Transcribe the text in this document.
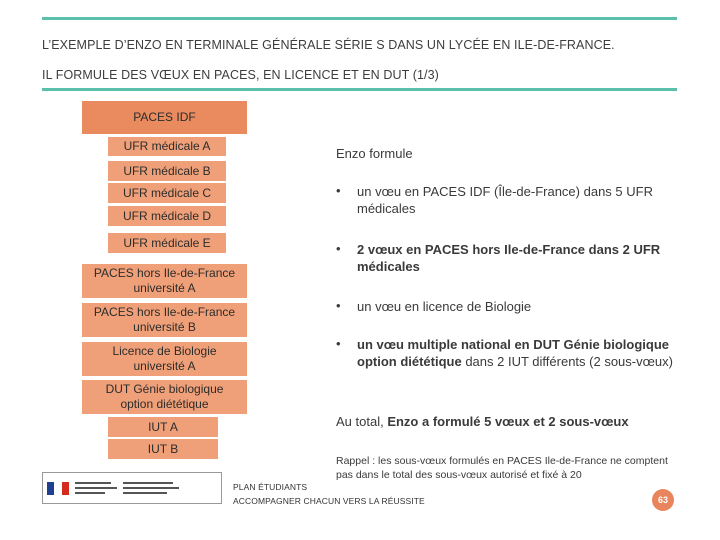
L’EXEMPLE D’ENZO EN TERMINALE GÉNÉRALE SÉRIE S DANS UN LYCÉE EN ILE-DE-FRANCE.
IL FORMULE DES VŒUX EN PACES, EN LICENCE ET EN DUT (1/3)
PACES IDF
UFR médicale A
UFR médicale B
UFR médicale C
UFR médicale D
UFR médicale E
PACES hors Ile-de-France
université A
PACES hors Ile-de-France
université B
Licence de Biologie
université A
DUT Génie biologique
option diététique
IUT A
IUT B
Enzo formule
• un vœu en PACES IDF (Île-de-France) dans 5 UFR médicales
• 2 vœux en PACES hors Ile-de-France dans 2 UFR médicales
• un vœu en licence de Biologie
• un vœu multiple national en DUT Génie biologique option diététique dans 2 IUT différents (2 sous-vœux)
Au total, Enzo a formulé 5 vœux et 2 sous-vœux
Rappel : les sous-vœux formulés en PACES Ile-de-France ne comptent pas dans le total des sous-vœux autorisé et fixé à 20
PLAN ÉTUDIANTS
ACCOMPAGNER CHACUN VERS LA RÉUSSITE	63
